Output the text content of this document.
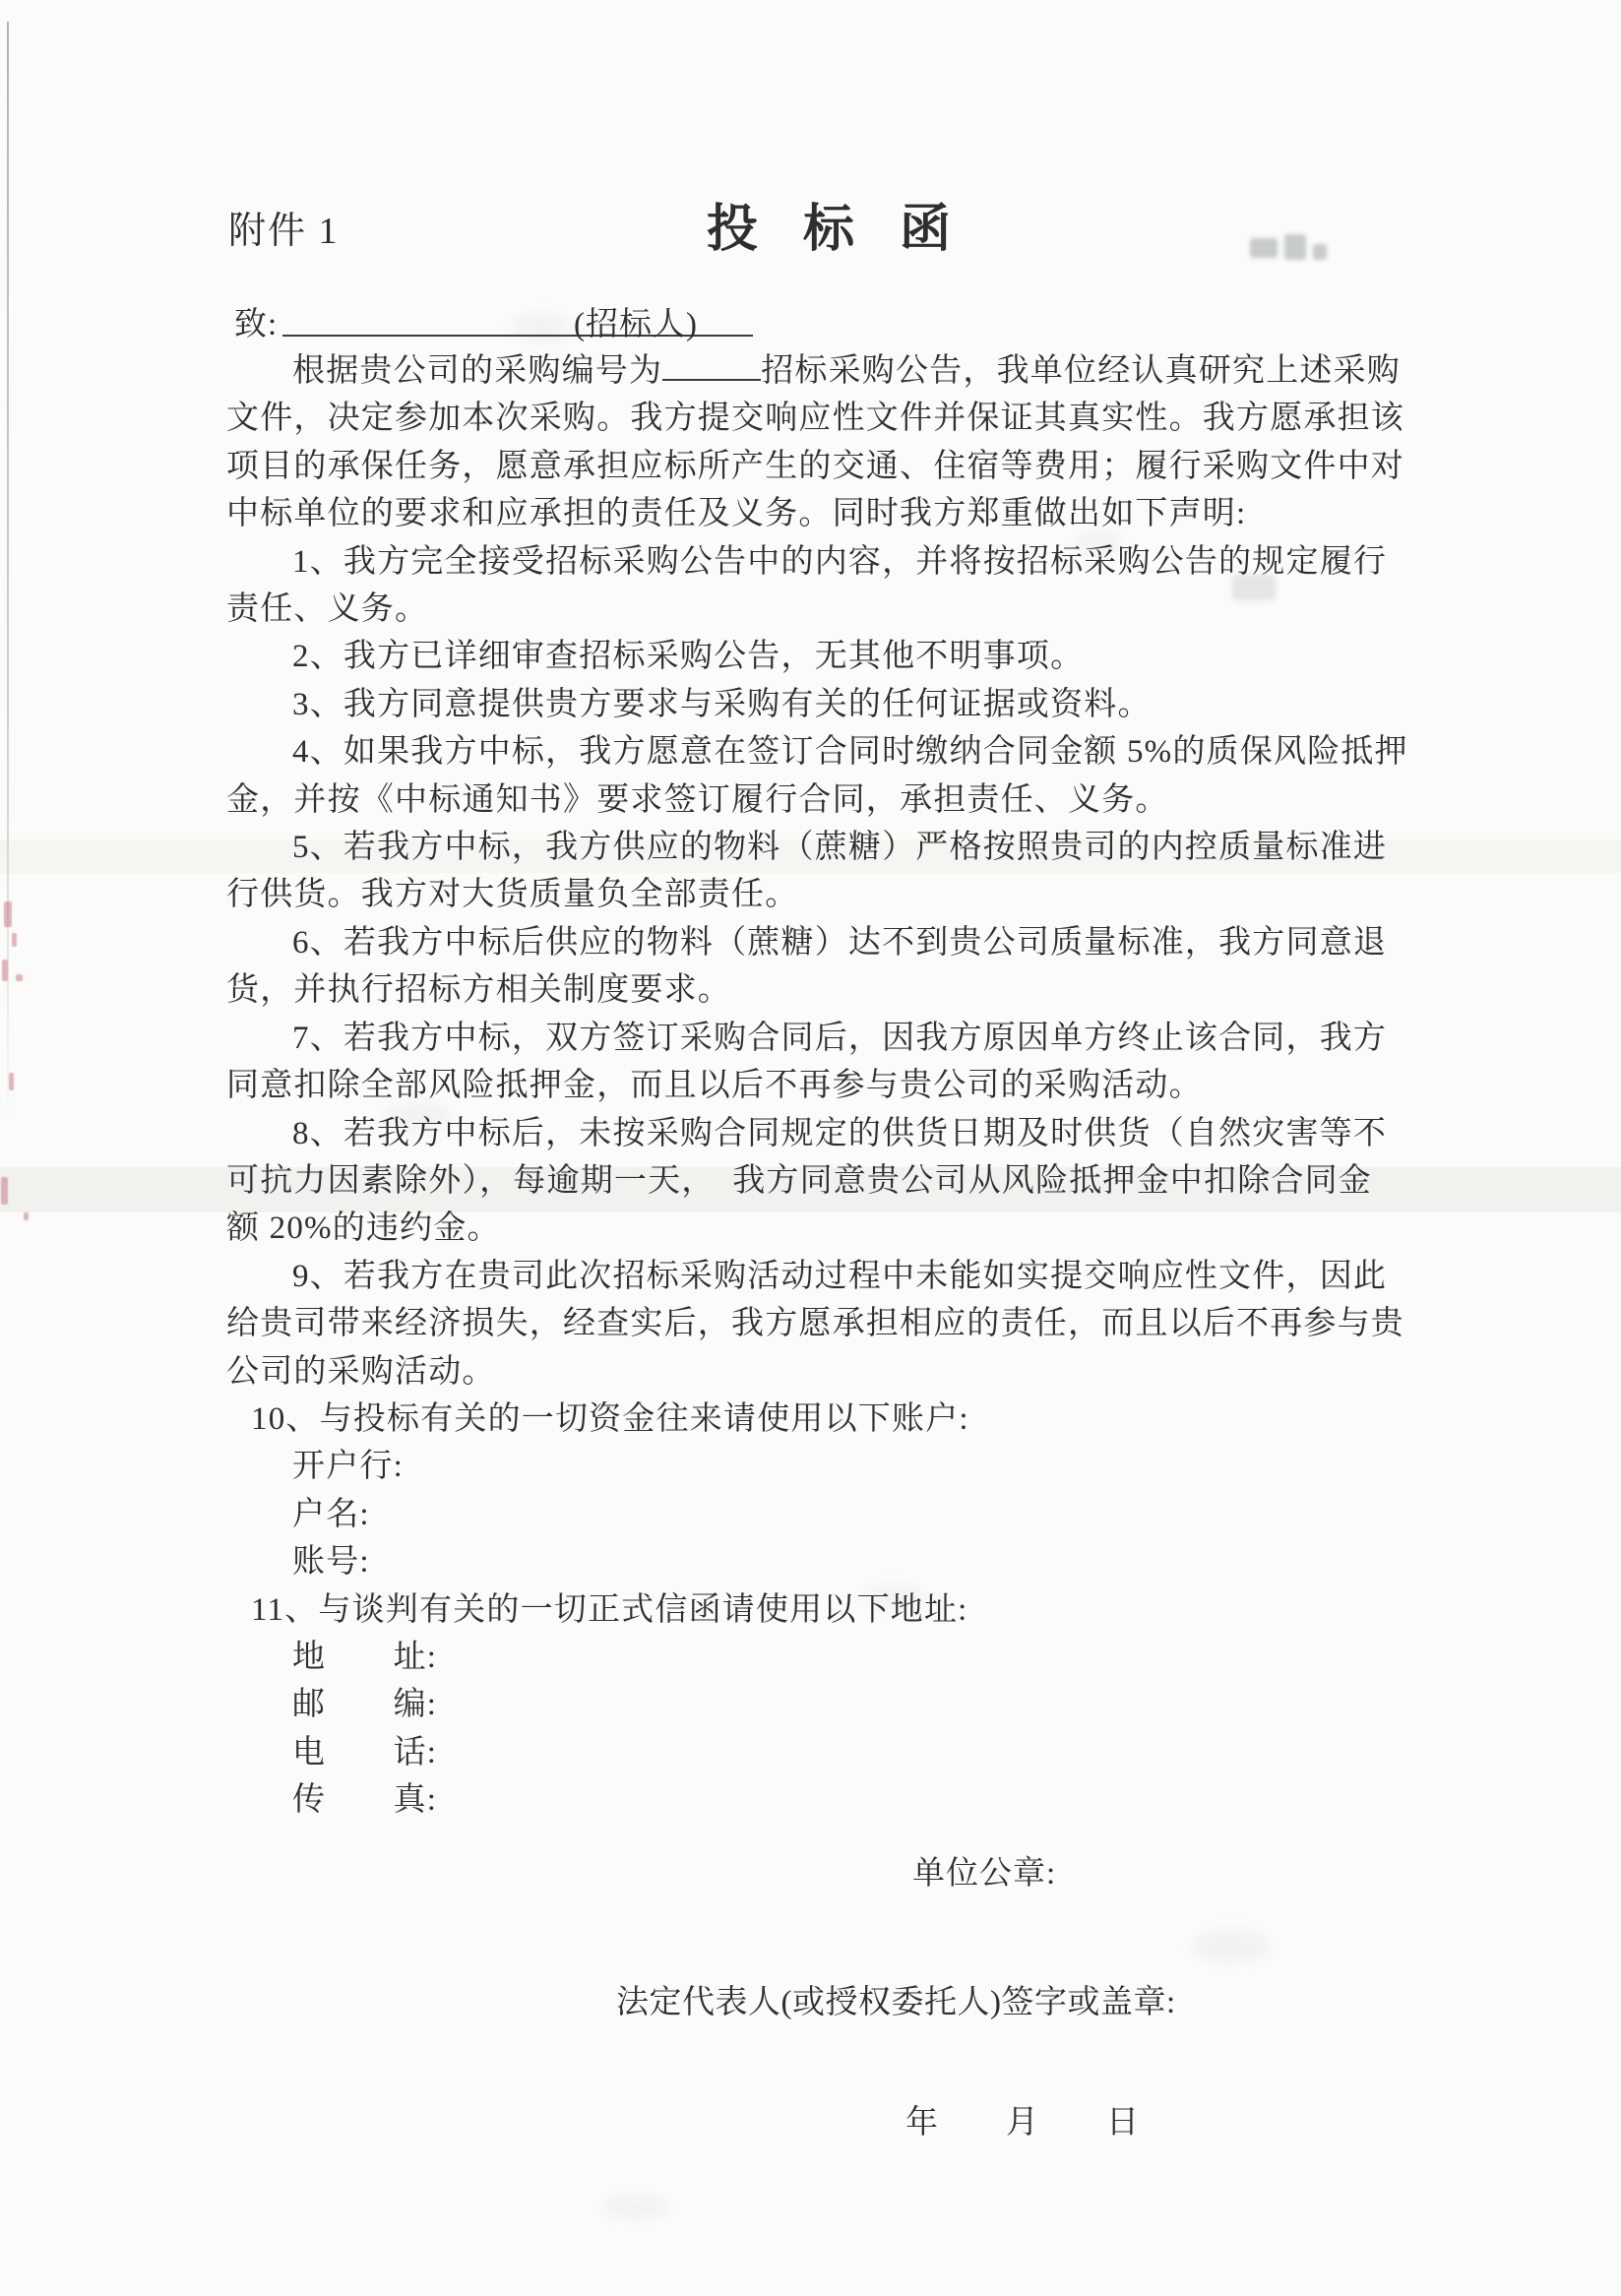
附件 1	投标函
致:	(招标人)
根据贵公司的采购编号为	招标采购公告，我单位经认真研究上述采购
文件，决定参加本次采购。我方提交响应性文件并保证其真实性。我方愿承担该
项目的承保任务，愿意承担应标所产生的交通、住宿等费用；履行采购文件中对
中标单位的要求和应承担的责任及义务。同时我方郑重做出如下声明:
1、我方完全接受招标采购公告中的内容，并将按招标采购公告的规定履行
责任、义务。
2、我方已详细审查招标采购公告，无其他不明事项。
3、我方同意提供贵方要求与采购有关的任何证据或资料。
4、如果我方中标，我方愿意在签订合同时缴纳合同金额 5%的质保风险抵押
金，并按《中标通知书》要求签订履行合同，承担责任、义务。
5、若我方中标，我方供应的物料（蔗糖）严格按照贵司的内控质量标准进
行供货。我方对大货质量负全部责任。
6、若我方中标后供应的物料（蔗糖）达不到贵公司质量标准，我方同意退
货，并执行招标方相关制度要求。
7、若我方中标，双方签订采购合同后，因我方原因单方终止该合同，我方
同意扣除全部风险抵押金，而且以后不再参与贵公司的采购活动。
8、若我方中标后，未按采购合同规定的供货日期及时供货（自然灾害等不
可抗力因素除外），每逾期一天，　我方同意贵公司从风险抵押金中扣除合同金
额 20%的违约金。
9、若我方在贵司此次招标采购活动过程中未能如实提交响应性文件，因此
给贵司带来经济损失，经查实后，我方愿承担相应的责任，而且以后不再参与贵
公司的采购活动。
10、与投标有关的一切资金往来请使用以下账户:
开户行:
户名:
账号:
11、与谈判有关的一切正式信函请使用以下地址:
地　　址:
邮　　编:
电　　话:
传　　真:
单位公章:
法定代表人(或授权委托人)签字或盖章:
年　　月　　日
